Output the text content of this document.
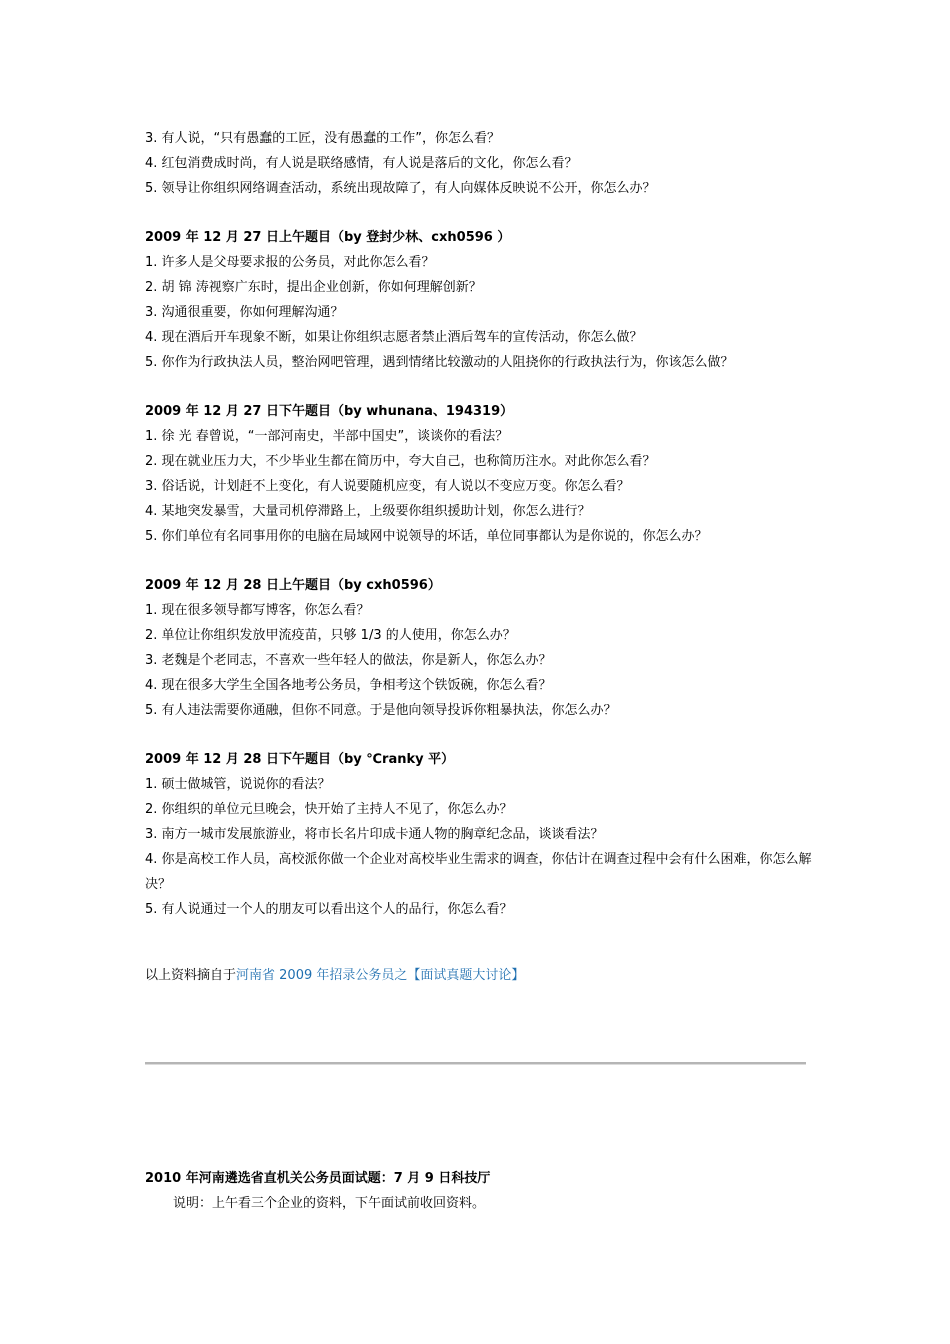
3. 有人说，“只有愚蠢的工匠，没有愚蠢的工作”，你怎么看？
4. 红包消费成时尚，有人说是联络感情，有人说是落后的文化，你怎么看？
5. 领导让你组织网络调查活动，系统出现故障了，有人向媒体反映说不公开，你怎么办？
2009 年 12 月 27 日上午题目（by 登封少林、cxh0596 ）
1. 许多人是父母要求报的公务员，对此你怎么看？
2. 胡 锦 涛视察广东时，提出企业创新，你如何理解创新？
3. 沟通很重要，你如何理解沟通？
4. 现在酒后开车现象不断，如果让你组织志愿者禁止酒后驾车的宣传活动，你怎么做？
5. 你作为行政执法人员，整治网吧管理，遇到情绪比较激动的人阻挠你的行政执法行为，你该怎么做？
2009 年 12 月 27 日下午题目（by whunana、194319）
1. 徐 光 春曾说，“一部河南史，半部中国史”，谈谈你的看法？
2. 现在就业压力大，不少毕业生都在简历中，夸大自己，也称简历注水。对此你怎么看？
3. 俗话说，计划赶不上变化，有人说要随机应变，有人说以不变应万变。你怎么看？
4. 某地突发暴雪，大量司机停滞路上，上级要你组织援助计划，你怎么进行？
5. 你们单位有名同事用你的电脑在局域网中说领导的坏话，单位同事都认为是你说的，你怎么办？
2009 年 12 月 28 日上午题目（by cxh0596）
1. 现在很多领导都写博客，你怎么看？
2. 单位让你组织发放甲流疫苗，只够 1/3 的人使用，你怎么办？
3. 老魏是个老同志，不喜欢一些年轻人的做法，你是新人，你怎么办？
4. 现在很多大学生全国各地考公务员，争相考这个铁饭碗，你怎么看？
5. 有人违法需要你通融，但你不同意。于是他向领导投诉你粗暴执法，你怎么办？
2009 年 12 月 28 日下午题目（by ℃ranky 平）
1. 硕士做城管，说说你的看法？
2. 你组织的单位元旦晚会，快开始了主持人不见了，你怎么办？
3. 南方一城市发展旅游业，将市长名片印成卡通人物的胸章纪念品，谈谈看法？
4. 你是高校工作人员，高校派你做一个企业对高校毕业生需求的调查，你估计在调查过程中会有什么困难，你怎么解决？
5. 有人说通过一个人的朋友可以看出这个人的品行，你怎么看？
以上资料摘自于河南省 2009 年招录公务员之【面试真题大讨论】
2010 年河南遴选省直机关公务员面试题：7 月 9 日科技厅
说明：上午看三个企业的资料，下午面试前收回资料。
